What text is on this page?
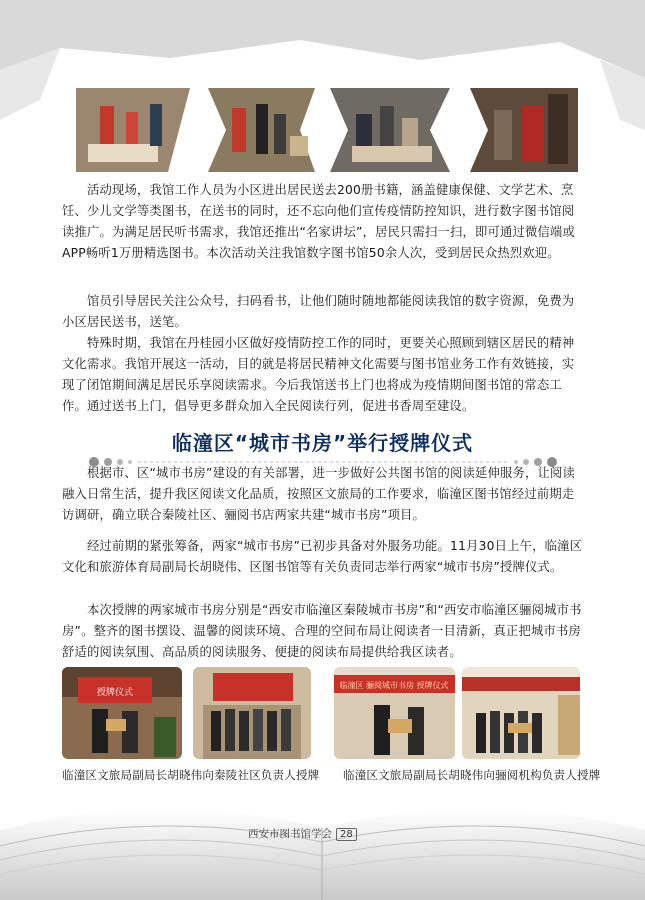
活动现场，我馆工作人员为小区进出居民送去200册书籍，涵盖健康保健、文学艺术、烹饪、少儿文学等类图书，在送书的同时，还不忘向他们宣传疫情防控知识，进行数字图书馆阅读推广。为满足居民听书需求，我馆还推出“名家讲坛”，居民只需扫一扫，即可通过微信端或APP畅听1万册精选图书。本次活动关注我馆数字图书馆50余人次，受到居民众热烈欢迎。

馆员引导居民关注公众号，扫码看书，让他们随时随地都能阅读我馆的数字资源，免费为小区居民送书，送笔。

特殊时期，我馆在丹桂园小区做好疫情防控工作的同时，更要关心照顾到辖区居民的精神文化需求。我馆开展这一活动，目的就是将居民精神文化需要与图书馆业务工作有效链接，实现了闭馆期间满足居民乐享阅读需求。今后我馆送书上门也将成为疫情期间图书馆的常态工作。通过送书上门，倡导更多群众加入全民阅读行列，促进书香周至建设。

临潼区“城市书房”举行授牌仪式

根据市、区“城市书房”建设的有关部署，进一步做好公共图书馆的阅读延伸服务，让阅读融入日常生活，提升我区阅读文化品质，按照区文旅局的工作要求，临潼区图书馆经过前期走访调研，确立联合秦陵社区、骊阅书店两家共建“城市书房”项目。

经过前期的紧张筹备，两家“城市书房”已初步具备对外服务功能。11月30日上午，临潼区文化和旅游体育局副局长胡晓伟、区图书馆等有关负责同志举行两家“城市书房”授牌仪式。

本次授牌的两家城市书房分别是“西安市临潼区秦陵城市书房”和“西安市临潼区骊阅城市书房”。整齐的图书摆设、温馨的阅读环境、合理的空间布局让阅读者一目清新，真正把城市书房舒适的阅读氛围、高品质的阅读服务、便捷的阅读布局提供给我区读者。

授牌仪式
临潼区 骊阅城市书房 授牌仪式

临潼区文旅局副局长胡晓伟向秦陵社区负责人授牌 临潼区文旅局副局长胡晓伟向骊阅机构负责人授牌

西安市图书馆学会 28
